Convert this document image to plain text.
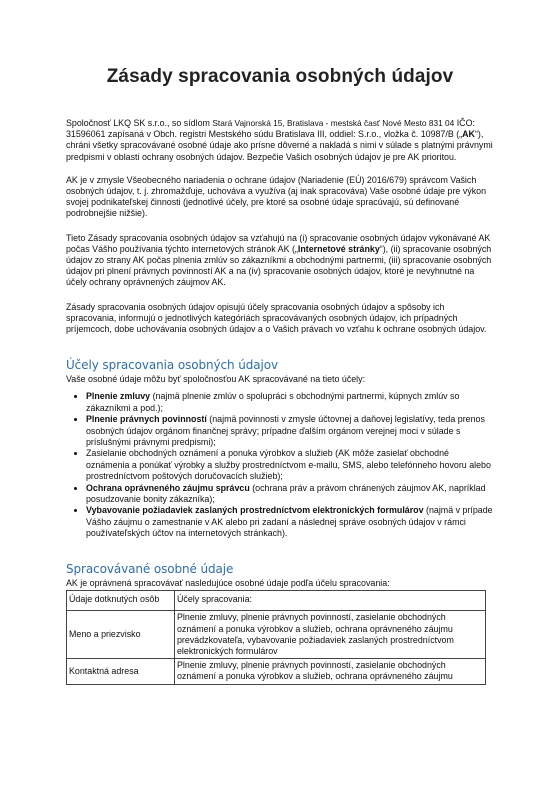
Zásady spracovania osobných údajov

Spoločnosť LKQ SK s.r.o., so sídlom Stará Vajnorská 15, Bratislava - mestská časť Nové Mesto 831 04 IČO: 31596061 zapísaná v Obch. registri Mestského súdu Bratislava III, oddiel: S.r.o., vložka č. 10987/B („AK“), chráni všetky spracovávané osobné údaje ako prísne dôverné a nakladá s nimi v súlade s platnými právnymi predpismi v oblasti ochrany osobných údajov. Bezpečie Vašich osobných údajov je pre AK prioritou.

AK je v zmysle Všeobecného nariadenia o ochrane údajov (Nariadenie (EÚ) 2016/679) správcom Vašich osobných údajov, t. j. zhromažďuje, uchováva a využíva (aj inak spracováva) Vaše osobné údaje pre výkon svojej podnikateľskej činnosti (jednotlivé účely, pre ktoré sa osobné údaje spracúvajú, sú definované podrobnejšie nižšie).

Tieto Zásady spracovania osobných údajov sa vzťahujú na (i) spracovanie osobných údajov vykonávané AK počas Vášho používania týchto internetových stránok AK („Internetové stránky“), (ii) spracovanie osobných údajov zo strany AK počas plnenia zmlúv so zákazníkmi a obchodnými partnermi, (iii) spracovanie osobných údajov pri plnení právnych povinností AK a na (iv) spracovanie osobných údajov, ktoré je nevyhnutné na účely ochrany oprávnených záujmov AK.

Zásady spracovania osobných údajov opisujú účely spracovania osobných údajov a spôsoby ich spracovania, informujú o jednotlivých kategóriách spracovávaných osobných údajov, ich prípadných príjemcoch, dobe uchovávania osobných údajov a o Vašich právach vo vzťahu k ochrane osobných údajov.

Účely spracovania osobných údajov

Vaše osobné údaje môžu byť spoločnosťou AK spracovávané na tieto účely:

• Plnenie zmluvy (najmä plnenie zmlúv o spolupráci s obchodnými partnermi, kúpnych zmlúv so zákazníkmi a pod.);
• Plnenie právnych povinností (najmä povinnosti v zmysle účtovnej a daňovej legislatívy, teda prenos osobných údajov orgánom finančnej správy; prípadne ďalším orgánom verejnej moci v súlade s príslušnými právnymi predpismi);
• Zasielanie obchodných oznámení a ponuka výrobkov a služieb (AK môže zasielať obchodné oznámenia a ponúkať výrobky a služby prostredníctvom e-mailu, SMS, alebo telefónneho hovoru alebo prostredníctvom poštových doručovacích služieb);
• Ochrana oprávneného záujmu správcu (ochrana práv a právom chránených záujmov AK, napríklad posudzovanie bonity zákazníka);
• Vybavovanie požiadaviek zaslaných prostredníctvom elektronických formulárov (najmä v prípade Vášho záujmu o zamestnanie v AK alebo pri zadaní a následnej správe osobných údajov v rámci používateľských účtov na internetových stránkach).
Spracovávané osobné údaje

AK je oprávnená spracovávať nasledujúce osobné údaje podľa účelu spracovania:

Údaje dotknutých osôb	Účely spracovania:
Meno a priezvisko	Plnenie zmluvy, plnenie právnych povinností, zasielanie obchodných oznámení a ponuka výrobkov a služieb, ochrana oprávneného záujmu prevádzkovateľa, vybavovanie požiadaviek zaslaných prostredníctvom elektronických formulárov
Kontaktná adresa	Plnenie zmluvy, plnenie právnych povinností, zasielanie obchodných oznámení a ponuka výrobkov a služieb, ochrana oprávneného záujmu
